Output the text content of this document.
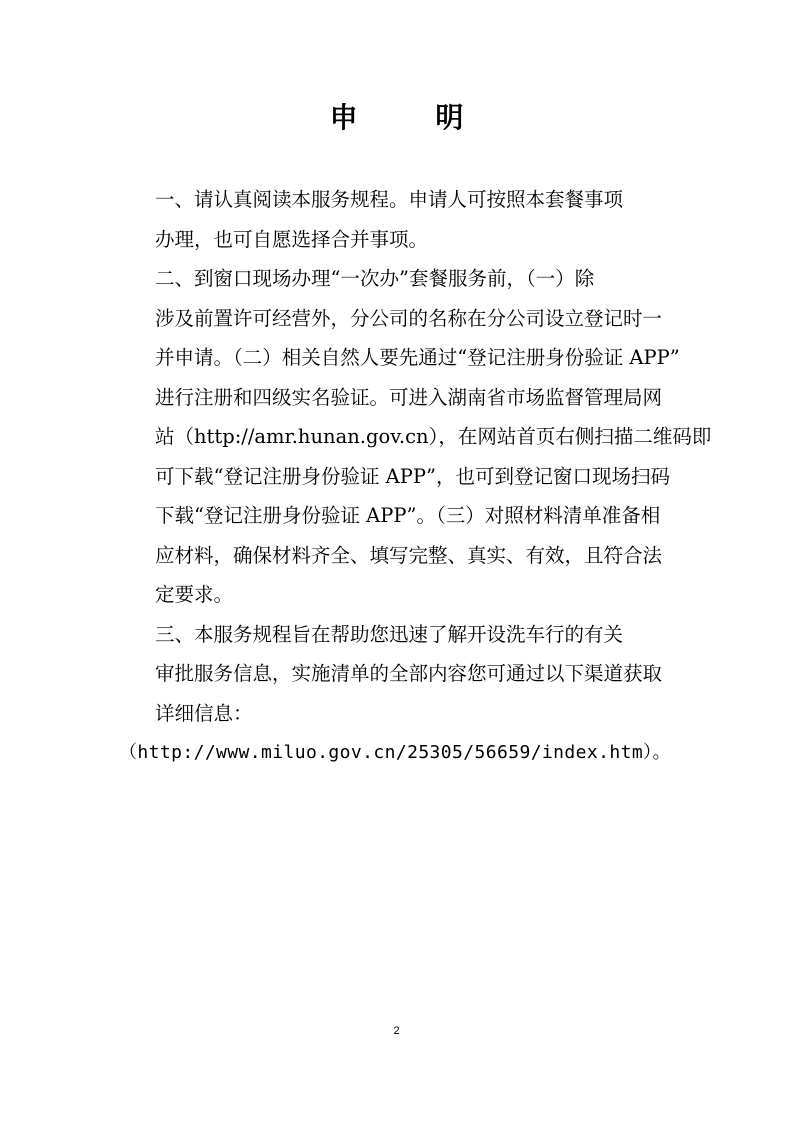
申 明

一、请认真阅读本服务规程。申请人可按照本套餐事项
办理，也可自愿选择合并事项。

二、到窗口现场办理“一次办”套餐服务前，（一）除
涉及前置许可经营外，分公司的名称在分公司设立登记时一
并申请。（二）相关自然人要先通过“登记注册身份验证 APP”
进行注册和四级实名验证。可进入湖南省市场监督管理局网
站（http://amr.hunan.gov.cn），在网站首页右侧扫描二维码即
可下载“登记注册身份验证 APP”，也可到登记窗口现场扫码
下载“登记注册身份验证 APP”。（三）对照材料清单准备相
应材料，确保材料齐全、填写完整、真实、有效，且符合法
定要求。

三、本服务规程旨在帮助您迅速了解开设洗车行的有关
审批服务信息，实施清单的全部内容您可通过以下渠道获取
详细信息：
（http://www.miluo.gov.cn/25305/56659/index.htm）。

2
